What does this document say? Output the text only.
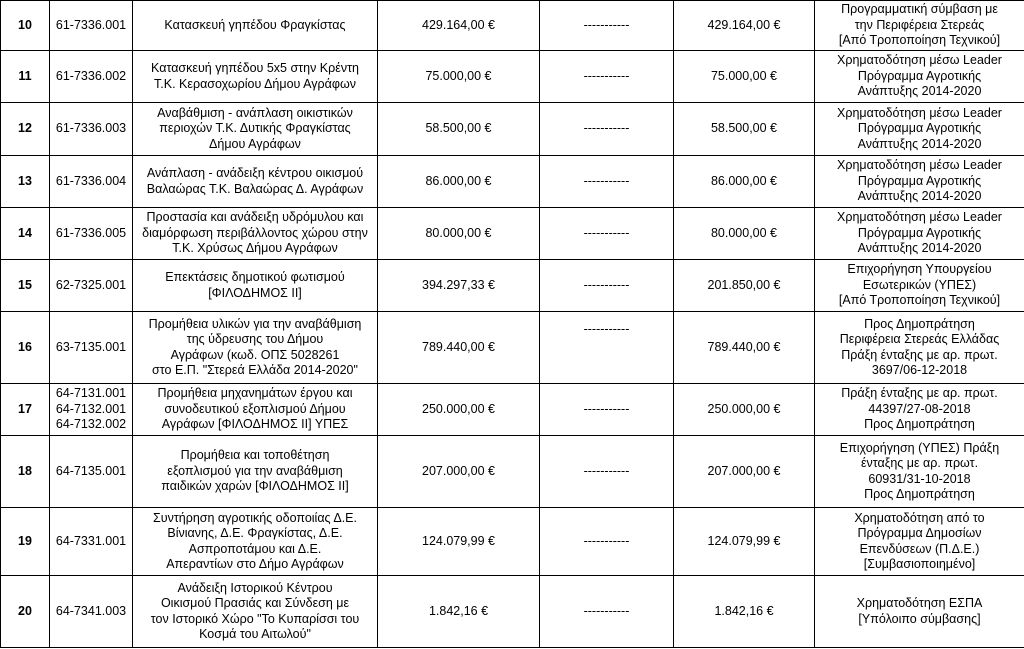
10	61-7336.001	Κατασκευή γηπέδου Φραγκίστας	429.164,00 €	-----------	429.164,00 €	Προγραμματική σύμβαση με
την Περιφέρεια Στερεάς
[Από Τροποποίηση Τεχνικού]

11	61-7336.002	Κατασκευή γηπέδου 5x5 στην Κρέντη
Τ.Κ. Κερασοχωρίου Δήμου Αγράφων	75.000,00 €	-----------	75.000,00 €	Χρηματοδότηση μέσω Leader
Πρόγραμμα Αγροτικής
Ανάπτυξης 2014-2020

12	61-7336.003	Αναβάθμιση - ανάπλαση οικιστικών
περιοχών Τ.Κ. Δυτικής Φραγκίστας
Δήμου Αγράφων	58.500,00 €	-----------	58.500,00 €	Χρηματοδότηση μέσω Leader
Πρόγραμμα Αγροτικής
Ανάπτυξης 2014-2020

13	61-7336.004	Ανάπλαση - ανάδειξη κέντρου οικισμού
Βαλαώρας Τ.Κ. Βαλαώρας Δ. Αγράφων	86.000,00 €	-----------	86.000,00 €	Χρηματοδότηση μέσω Leader
Πρόγραμμα Αγροτικής
Ανάπτυξης 2014-2020

14	61-7336.005	Προστασία και ανάδειξη υδρόμυλου και
διαμόρφωση περιβάλλοντος χώρου στην
Τ.Κ. Χρύσως Δήμου Αγράφων	80.000,00 €	-----------	80.000,00 €	Χρηματοδότηση μέσω Leader
Πρόγραμμα Αγροτικής
Ανάπτυξης 2014-2020

15	62-7325.001	Επεκτάσεις δημοτικού φωτισμού
[ΦΙΛΟΔΗΜΟΣ ΙΙ]	394.297,33 €	-----------	201.850,00 €	Επιχορήγηση Υπουργείου
Εσωτερικών (ΥΠΕΣ)
[Από Τροποποίηση Τεχνικού]

16	63-7135.001	Προμήθεια υλικών για την αναβάθμιση
της ύδρευσης του Δήμου
Αγράφων (κωδ. ΟΠΣ 5028261
στο Ε.Π. "Στερεά Ελλάδα 2014-2020"	789.440,00 €	-----------	789.440,00 €	Προς Δημοπράτηση
Περιφέρεια Στερεάς Ελλάδας
Πράξη ένταξης με αρ. πρωτ.
3697/06-12-2018

17	64-7131.001
64-7132.001
64-7132.002	Προμήθεια μηχανημάτων έργου και
συνοδευτικού εξοπλισμού Δήμου
Αγράφων [ΦΙΛΟΔΗΜΟΣ ΙΙ] ΥΠΕΣ	250.000,00 €	-----------	250.000,00 €	Πράξη ένταξης με αρ. πρωτ.
44397/27-08-2018
Προς Δημοπράτηση

18	64-7135.001	Προμήθεια και τοποθέτηση
εξοπλισμού για την αναβάθμιση
παιδικών χαρών [ΦΙΛΟΔΗΜΟΣ ΙΙ]	207.000,00 €	-----------	207.000,00 €	Επιχορήγηση (ΥΠΕΣ) Πράξη
ένταξης με αρ. πρωτ.
60931/31-10-2018
Προς Δημοπράτηση

19	64-7331.001	Συντήρηση αγροτικής οδοποιίας Δ.Ε.
Βίνιανης, Δ.Ε. Φραγκίστας, Δ.Ε.
Ασπροποτάμου και Δ.Ε.
Απεραντίων στο Δήμο Αγράφων	124.079,99 €	-----------	124.079,99 €	Χρηματοδότηση από το
Πρόγραμμα Δημοσίων
Επενδύσεων (Π.Δ.Ε.)
[Συμβασιοποιημένο]

20	64-7341.003	Ανάδειξη Ιστορικού Κέντρου
Οικισμού Πρασιάς και Σύνδεση με
τον Ιστορικό Χώρο "Το Κυπαρίσσι του
Κοσμά του Αιτωλού"	1.842,16 €	-----------	1.842,16 €	Χρηματοδότηση ΕΣΠΑ
[Υπόλοιπο σύμβασης]
